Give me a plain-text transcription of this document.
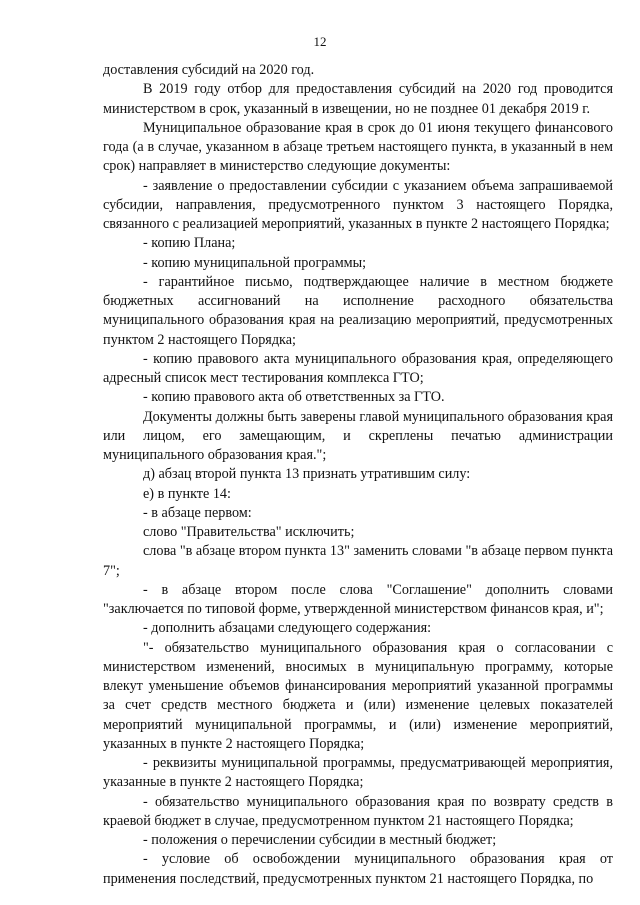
12

доставления субсидий на 2020 год.

В 2019 году отбор для предоставления субсидий на 2020 год проводится министерством в срок, указанный в извещении, но не позднее 01 декабря 2019 г.

Муниципальное образование края в срок до 01 июня текущего финансового года (а в случае, указанном в абзаце третьем настоящего пункта, в указанный в нем срок) направляет в министерство следующие документы:

- заявление о предоставлении субсидии с указанием объема запрашиваемой субсидии, направления, предусмотренного пунктом 3 настоящего Порядка, связанного с реализацией мероприятий, указанных в пункте 2 настоящего Порядка;

- копию Плана;

- копию муниципальной программы;

- гарантийное письмо, подтверждающее наличие в местном бюджете бюджетных ассигнований на исполнение расходного обязательства муниципального образования края на реализацию мероприятий, предусмотренных пунктом 2 настоящего Порядка;

- копию правового акта муниципального образования края, определяющего адресный список мест тестирования комплекса ГТО;

- копию правового акта об ответственных за ГТО.

Документы должны быть заверены главой муниципального образования края или лицом, его замещающим, и скреплены печатью администрации муниципального образования края.";

д) абзац второй пункта 13 признать утратившим силу:

е) в пункте 14:

- в абзаце первом:

слово "Правительства" исключить;

слова "в абзаце втором пункта 13" заменить словами "в абзаце первом пункта 7";

- в абзаце втором после слова "Соглашение" дополнить словами "заключается по типовой форме, утвержденной министерством финансов края, и";

- дополнить абзацами следующего содержания:

"- обязательство муниципального образования края о согласовании с министерством изменений, вносимых в муниципальную программу, которые влекут уменьшение объемов финансирования мероприятий указанной программы за счет средств местного бюджета и (или) изменение целевых показателей мероприятий муниципальной программы, и (или) изменение мероприятий, указанных в пункте 2 настоящего Порядка;

- реквизиты муниципальной программы, предусматривающей мероприятия, указанные в пункте 2 настоящего Порядка;

- обязательство муниципального образования края по возврату средств в краевой бюджет в случае, предусмотренном пунктом 21 настоящего Порядка;

- положения о перечислении субсидии в местный бюджет;

- условие об освобождении муниципального образования края от применения последствий, предусмотренных пунктом 21 настоящего Порядка, по
